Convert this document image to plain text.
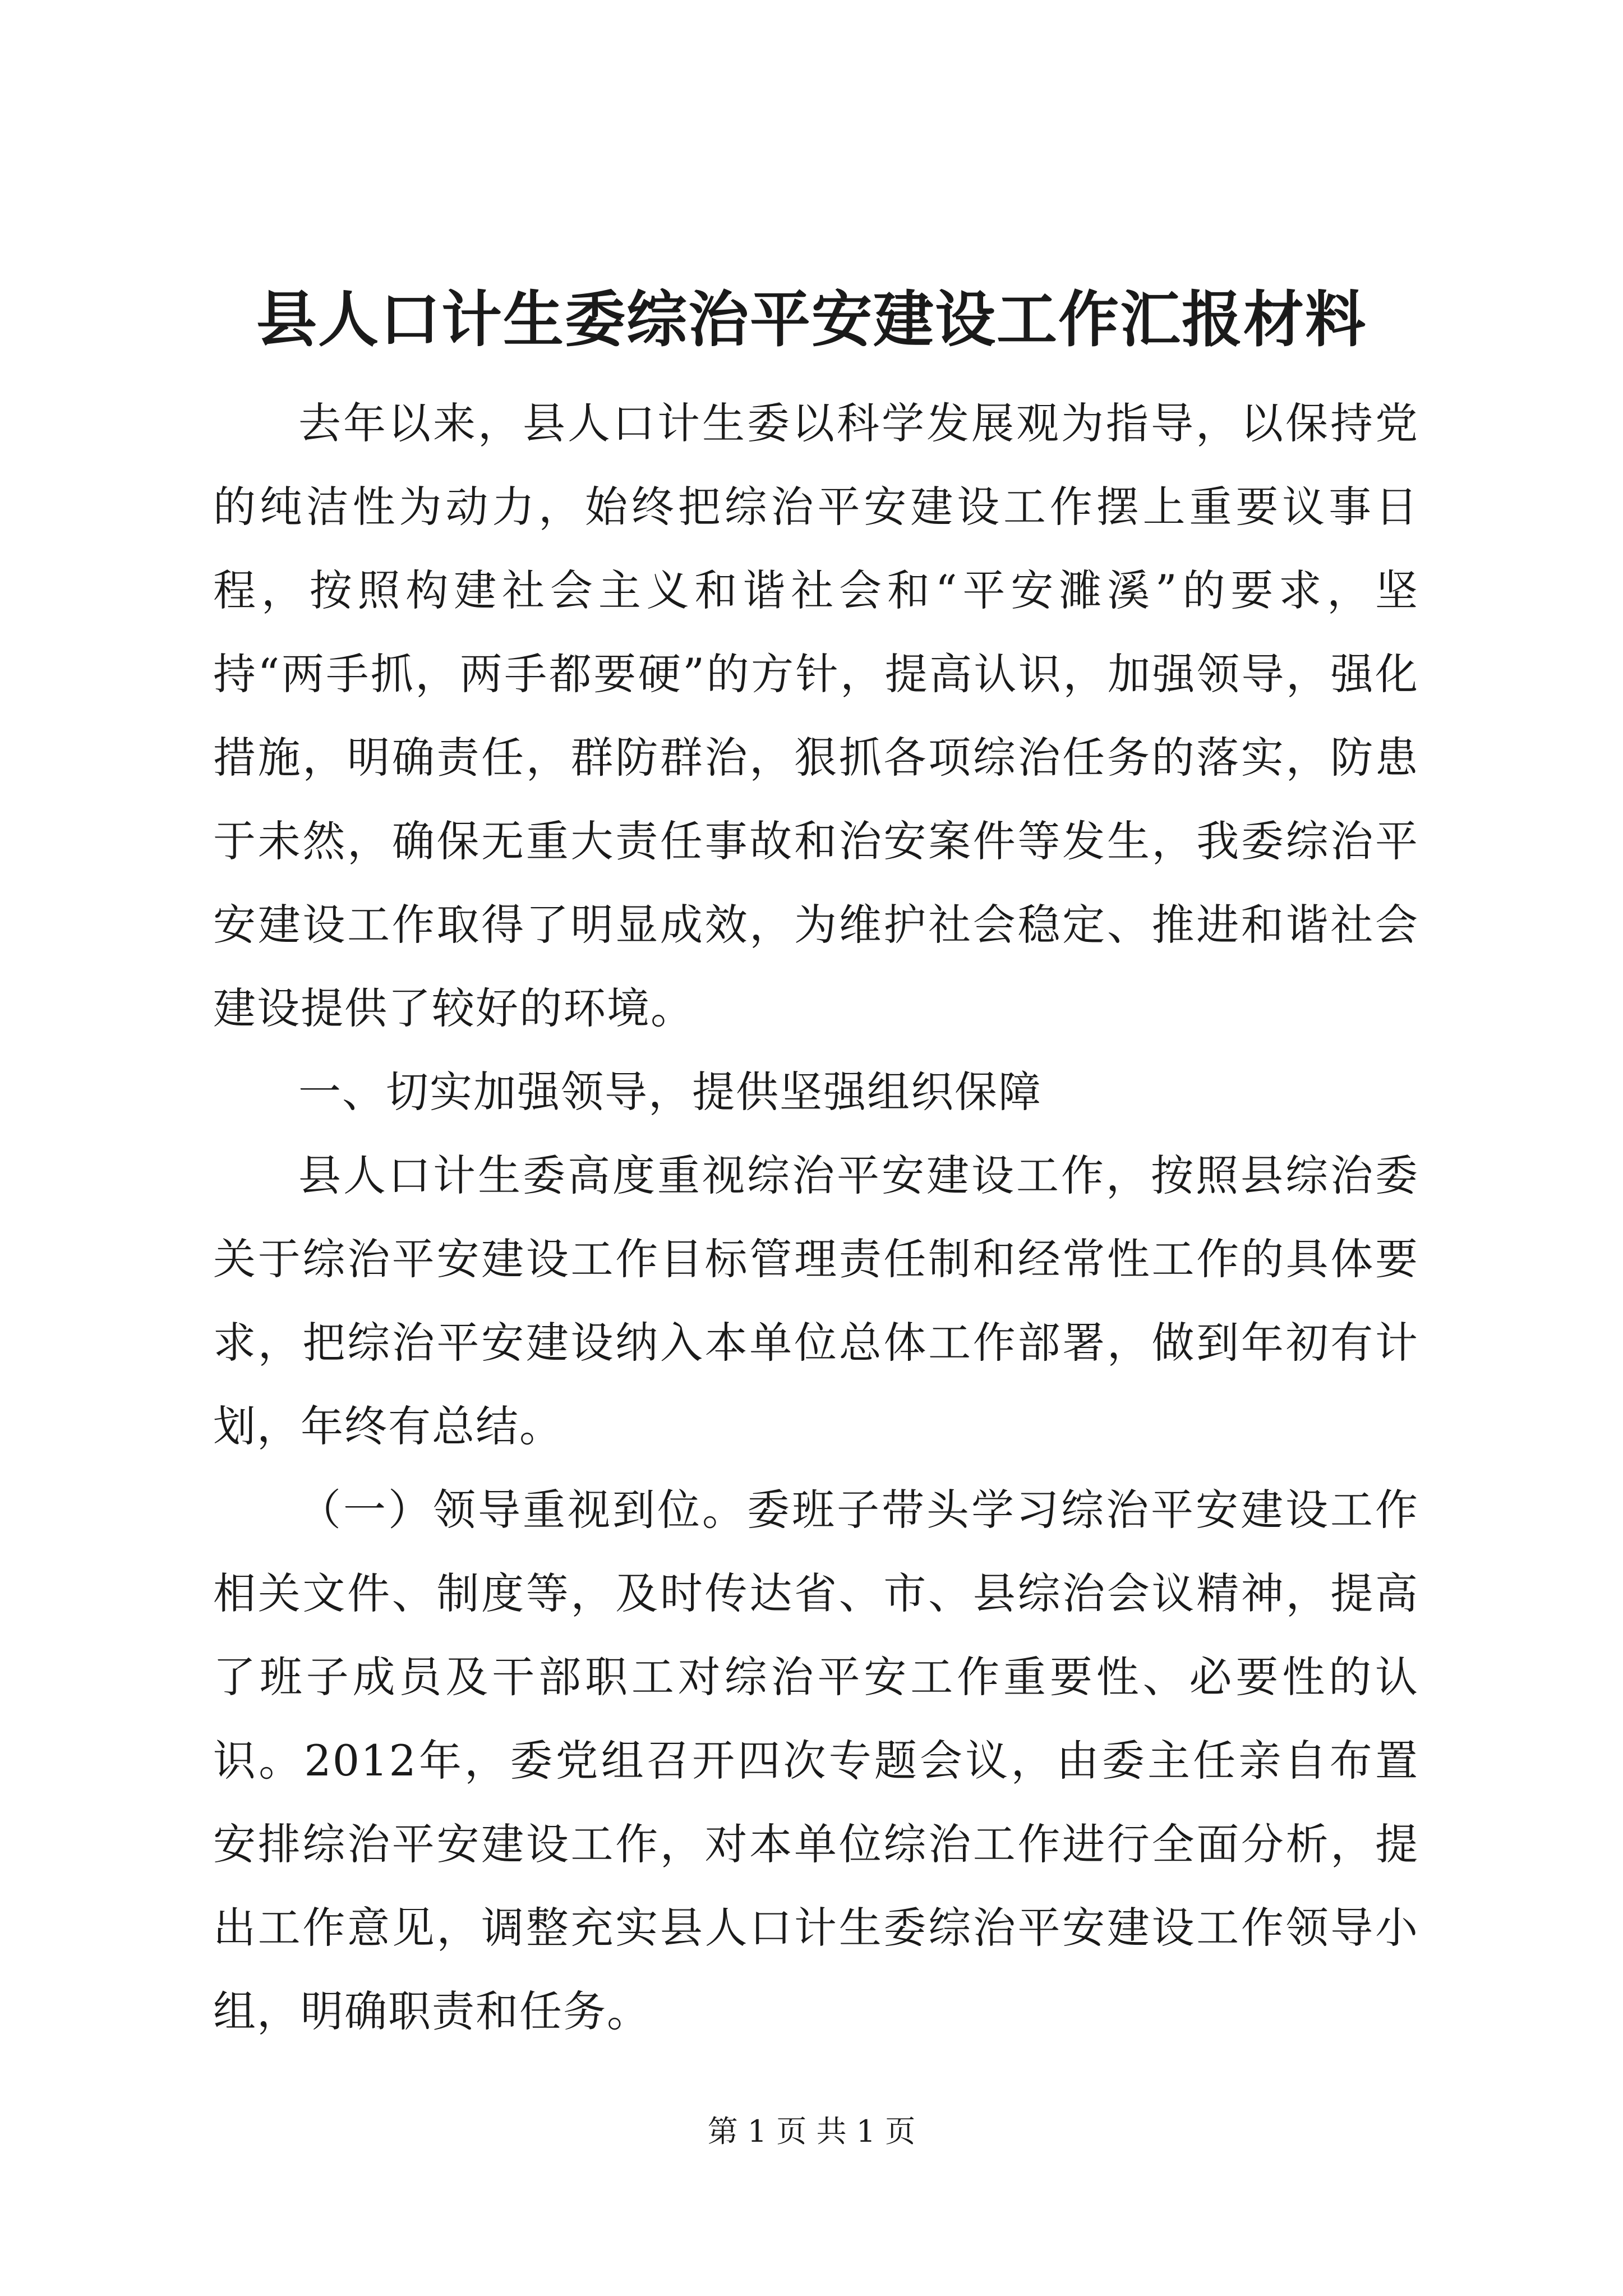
县人口计生委综治平安建设工作汇报材料

去年以来，县人口计生委以科学发展观为指导，以保持党的纯洁性为动力，始终把综治平安建设工作摆上重要议事日程，按照构建社会主义和谐社会和“平安濉溪”的要求，坚持“两手抓，两手都要硬”的方针，提高认识，加强领导，强化措施，明确责任，群防群治，狠抓各项综治任务的落实，防患于未然，确保无重大责任事故和治安案件等发生，我委综治平安建设工作取得了明显成效，为维护社会稳定、推进和谐社会建设提供了较好的环境。

一、切实加强领导，提供坚强组织保障

县人口计生委高度重视综治平安建设工作，按照县综治委关于综治平安建设工作目标管理责任制和经常性工作的具体要求，把综治平安建设纳入本单位总体工作部署，做到年初有计划，年终有总结。

（一）领导重视到位。委班子带头学习综治平安建设工作相关文件、制度等，及时传达省、市、县综治会议精神，提高了班子成员及干部职工对综治平安工作重要性、必要性的认识。2012年，委党组召开四次专题会议，由委主任亲自布置安排综治平安建设工作，对本单位综治工作进行全面分析，提出工作意见，调整充实县人口计生委综治平安建设工作领导小组，明确职责和任务。

第 1 页 共 1 页
